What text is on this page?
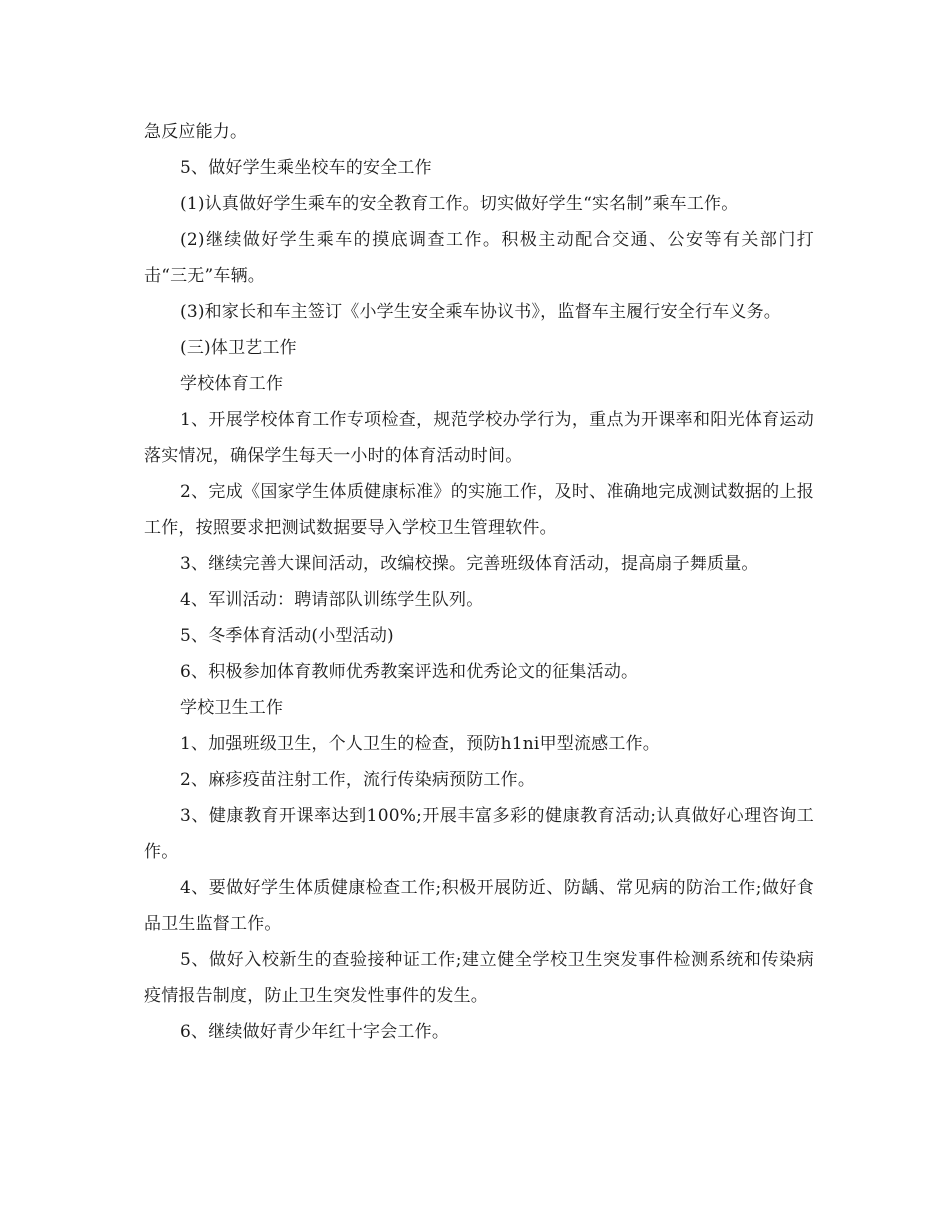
急反应能力。

5、做好学生乘坐校车的安全工作

(1)认真做好学生乘车的安全教育工作。切实做好学生“实名制”乘车工作。

(2)继续做好学生乘车的摸底调查工作。积极主动配合交通、公安等有关部门打击“三无”车辆。

(3)和家长和车主签订《小学生安全乘车协议书》，监督车主履行安全行车义务。

(三)体卫艺工作

学校体育工作

1、开展学校体育工作专项检查，规范学校办学行为，重点为开课率和阳光体育运动落实情况，确保学生每天一小时的体育活动时间。

2、完成《国家学生体质健康标准》的实施工作，及时、准确地完成测试数据的上报工作，按照要求把测试数据要导入学校卫生管理软件。

3、继续完善大课间活动，改编校操。完善班级体育活动，提高扇子舞质量。

4、军训活动：聘请部队训练学生队列。

5、冬季体育活动(小型活动)

6、积极参加体育教师优秀教案评选和优秀论文的征集活动。

学校卫生工作

1、加强班级卫生，个人卫生的检查，预防h1ni甲型流感工作。

2、麻疹疫苗注射工作，流行传染病预防工作。

3、健康教育开课率达到100%;开展丰富多彩的健康教育活动;认真做好心理咨询工作。

4、要做好学生体质健康检查工作;积极开展防近、防龋、常见病的防治工作;做好食品卫生监督工作。

5、做好入校新生的查验接种证工作;建立健全学校卫生突发事件检测系统和传染病疫情报告制度，防止卫生突发性事件的发生。

6、继续做好青少年红十字会工作。
